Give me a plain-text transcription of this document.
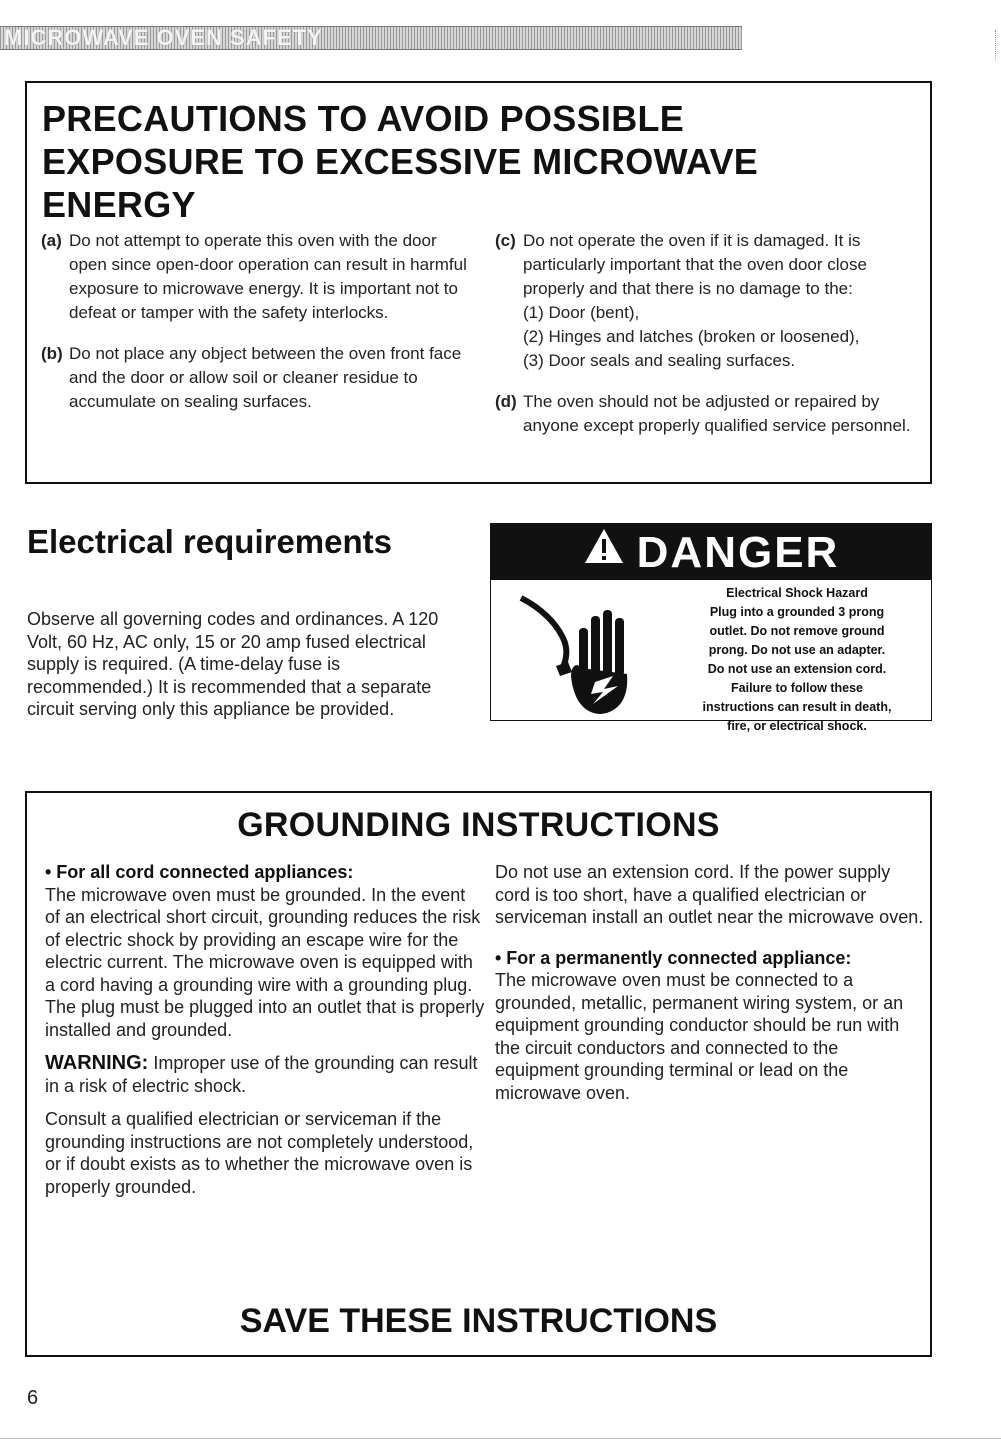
MICROWAVE OVEN SAFETY
PRECAUTIONS TO AVOID POSSIBLE EXPOSURE TO EXCESSIVE MICROWAVE ENERGY
(a) Do not attempt to operate this oven with the door open since open-door operation can result in harmful exposure to microwave energy. It is important not to defeat or tamper with the safety interlocks.
(b) Do not place any object between the oven front face and the door or allow soil or cleaner residue to accumulate on sealing surfaces.
(c) Do not operate the oven if it is damaged. It is particularly important that the oven door close properly and that there is no damage to the:
(1) Door (bent),
(2) Hinges and latches (broken or loosened),
(3) Door seals and sealing surfaces.
(d) The oven should not be adjusted or repaired by anyone except properly qualified service personnel.
Electrical requirements
Observe all governing codes and ordinances. A 120 Volt, 60 Hz, AC only, 15 or 20 amp fused electrical supply is required. (A time-delay fuse is recommended.) It is recommended that a separate circuit serving only this appliance be provided.
DANGER
Electrical Shock Hazard
Plug into a grounded 3 prong
outlet. Do not remove ground
prong. Do not use an adapter.
Do not use an extension cord.
Failure to follow these
instructions can result in death,
fire, or electrical shock.
GROUNDING INSTRUCTIONS

• For all cord connected appliances:
The microwave oven must be grounded. In the event of an electrical short circuit, grounding reduces the risk of electric shock by providing an escape wire for the electric current. The microwave oven is equipped with a cord having a grounding wire with a grounding plug. The plug must be plugged into an outlet that is properly installed and grounded.

WARNING: Improper use of the grounding can result in a risk of electric shock.

Consult a qualified electrician or serviceman if the grounding instructions are not completely understood, or if doubt exists as to whether the microwave oven is properly grounded.

Do not use an extension cord. If the power supply cord is too short, have a qualified electrician or serviceman install an outlet near the microwave oven.

• For a permanently connected appliance:
The microwave oven must be connected to a grounded, metallic, permanent wiring system, or an equipment grounding conductor should be run with the circuit conductors and connected to the equipment grounding terminal or lead on the microwave oven.

SAVE THESE INSTRUCTIONS
6
